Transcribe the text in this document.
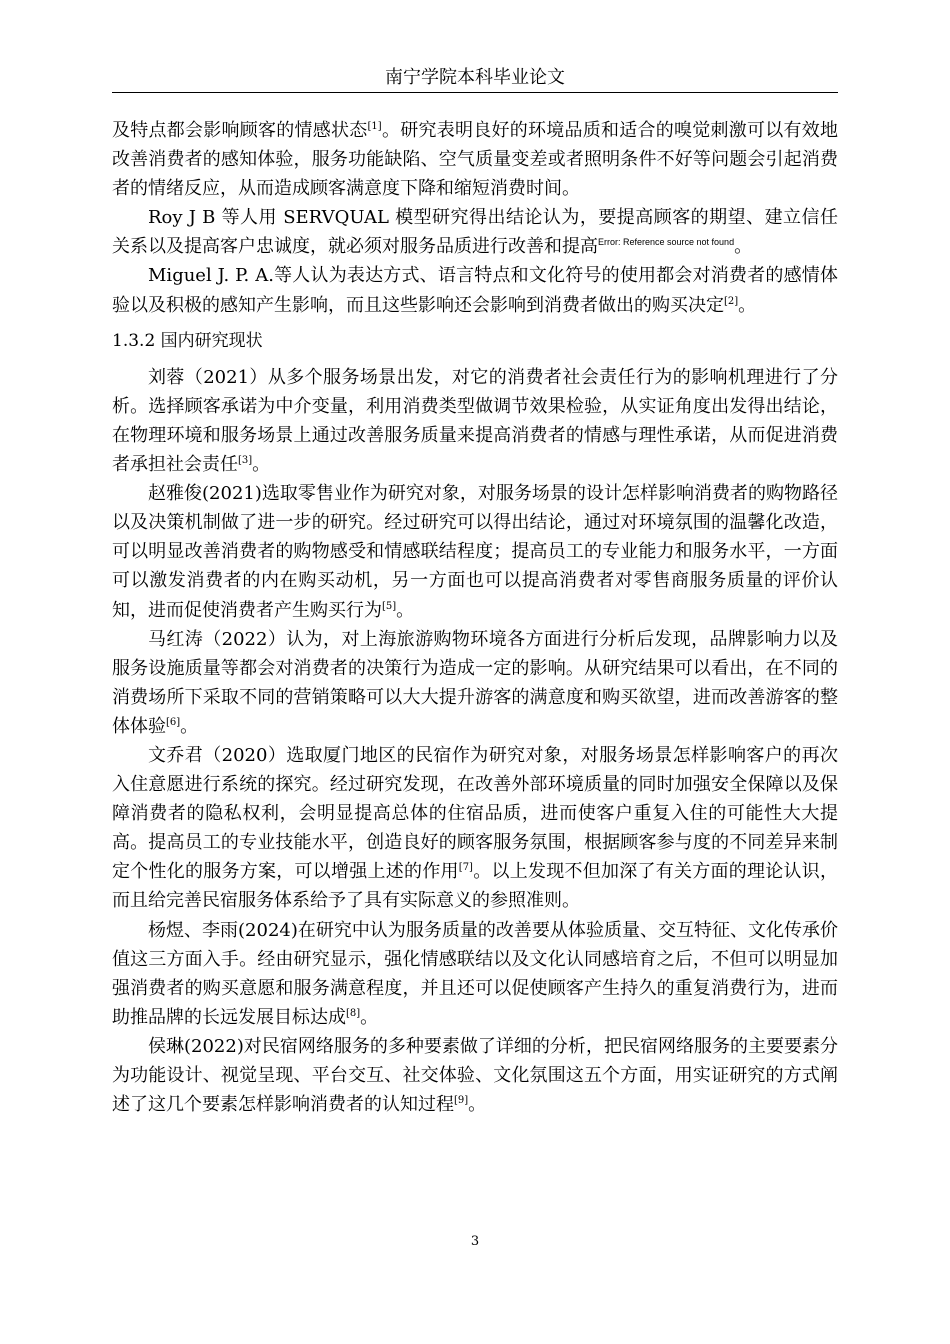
南宁学院本科毕业论文

及特点都会影响顾客的情感状态[1]。研究表明良好的环境品质和适合的嗅觉刺激可以有效地改善消费者的感知体验，服务功能缺陷、空气质量变差或者照明条件不好等问题会引起消费者的情绪反应，从而造成顾客满意度下降和缩短消费时间。

Roy J B 等人用 SERVQUAL 模型研究得出结论认为，要提高顾客的期望、建立信任关系以及提高客户忠诚度，就必须对服务品质进行改善和提高$^{Error: Reference source not found}$。

Miguel J. P. A.等人认为表达方式、语言特点和文化符号的使用都会对消费者的感情体验以及积极的感知产生影响，而且这些影响还会影响到消费者做出的购买决定[2]。

1.3.2 国内研究现状

刘蓉（2021）从多个服务场景出发，对它的消费者社会责任行为的影响机理进行了分析。选择顾客承诺为中介变量，利用消费类型做调节效果检验，从实证角度出发得出结论，在物理环境和服务场景上通过改善服务质量来提高消费者的情感与理性承诺，从而促进消费者承担社会责任[3]。

赵雅俊(2021)选取零售业作为研究对象，对服务场景的设计怎样影响消费者的购物路径以及决策机制做了进一步的研究。经过研究可以得出结论，通过对环境氛围的温馨化改造，可以明显改善消费者的购物感受和情感联结程度；提高员工的专业能力和服务水平，一方面可以激发消费者的内在购买动机，另一方面也可以提高消费者对零售商服务质量的评价认知，进而促使消费者产生购买行为[5]。

马红涛（2022）认为，对上海旅游购物环境各方面进行分析后发现，品牌影响力以及服务设施质量等都会对消费者的决策行为造成一定的影响。从研究结果可以看出，在不同的消费场所下采取不同的营销策略可以大大提升游客的满意度和购买欲望，进而改善游客的整体体验[6]。

文乔君（2020）选取厦门地区的民宿作为研究对象，对服务场景怎样影响客户的再次入住意愿进行系统的探究。经过研究发现，在改善外部环境质量的同时加强安全保障以及保障消费者的隐私权利，会明显提高总体的住宿品质，进而使客户重复入住的可能性大大提高。提高员工的专业技能水平，创造良好的顾客服务氛围，根据顾客参与度的不同差异来制定个性化的服务方案，可以增强上述的作用[7]。以上发现不但加深了有关方面的理论认识，而且给完善民宿服务体系给予了具有实际意义的参照准则。

杨煜、李雨(2024)在研究中认为服务质量的改善要从体验质量、交互特征、文化传承价值这三方面入手。经由研究显示，强化情感联结以及文化认同感培育之后，不但可以明显加强消费者的购买意愿和服务满意程度，并且还可以促使顾客产生持久的重复消费行为，进而助推品牌的长远发展目标达成[8]。

侯琳(2022)对民宿网络服务的多种要素做了详细的分析，把民宿网络服务的主要要素分为功能设计、视觉呈现、平台交互、社交体验、文化氛围这五个方面，用实证研究的方式阐述了这几个要素怎样影响消费者的认知过程[9]。

3
